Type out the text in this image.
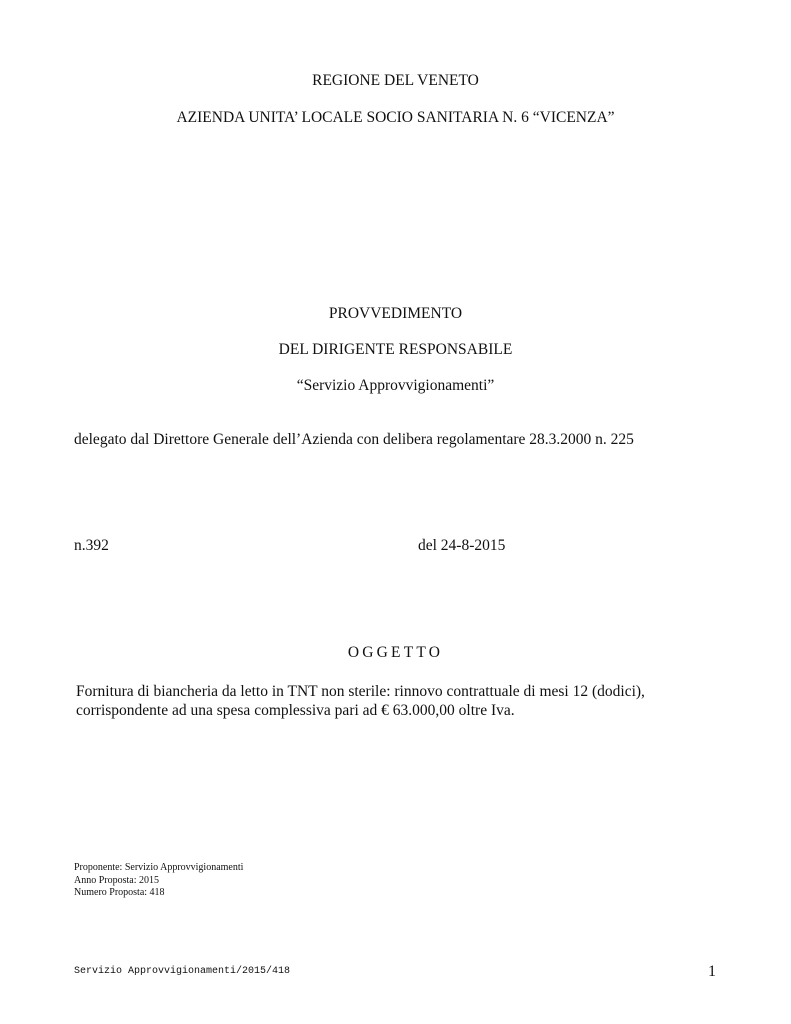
REGIONE DEL VENETO
AZIENDA UNITA’ LOCALE SOCIO SANITARIA N. 6 “VICENZA”
PROVVEDIMENTO
DEL DIRIGENTE RESPONSABILE
“Servizio Approvvigionamenti”
delegato dal Direttore Generale dell’Azienda con delibera regolamentare 28.3.2000 n. 225
n.392	del 24-8-2015
OGGETTO
Fornitura di biancheria da letto in TNT non sterile: rinnovo contrattuale di mesi 12 (dodici),
corrispondente ad una spesa complessiva pari ad € 63.000,00 oltre Iva.
Proponente: Servizio Approvvigionamenti
Anno Proposta: 2015
Numero Proposta: 418
Servizio Approvvigionamenti/2015/418	1
